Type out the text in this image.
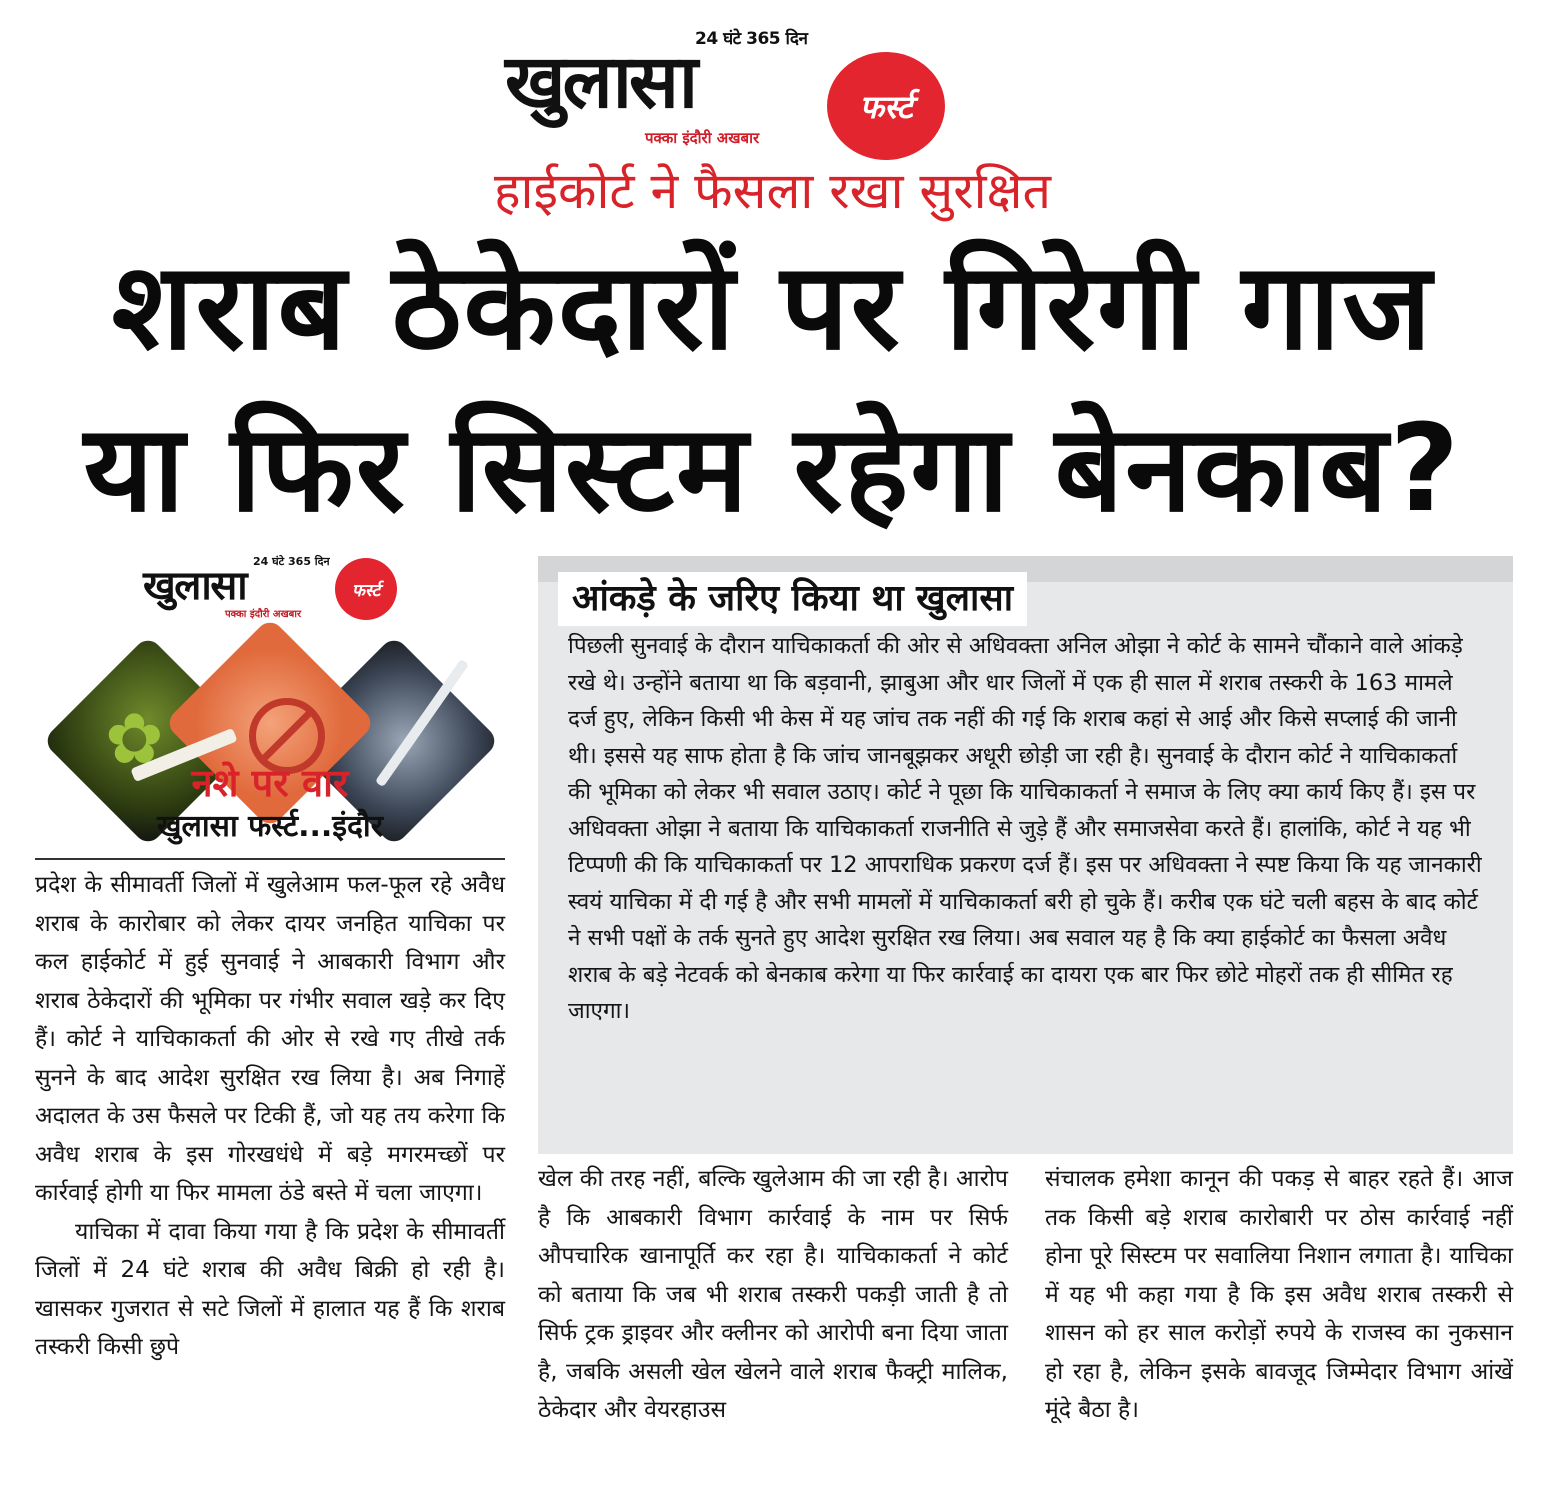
24 घंटे 365 दिन
खुलासा
पक्का इंदौरी अखबार
फर्स्ट
हाईकोर्ट ने फैसला रखा सुरक्षित
शराब ठेकेदारों पर गिरेगी गाज
या फिर सिस्टम रहेगा बेनकाब?
24 घंटे 365 दिन
खुलासा
पक्का इंदौरी अखबार
फर्स्ट
✿
नशे पर वार
खुलासा फर्स्ट...इंदौर

प्रदेश के सीमावर्ती जिलों में खुलेआम फल-फूल रहे अवैध शराब के कारोबार को लेकर दायर जनहित याचिका पर कल हाईकोर्ट में हुई सुनवाई ने आबकारी विभाग और शराब ठेकेदारों की भूमिका पर गंभीर सवाल खड़े कर दिए हैं। कोर्ट ने याचिकाकर्ता की ओर से रखे गए तीखे तर्क सुनने के बाद आदेश सुरक्षित रख लिया है। अब निगाहें अदालत के उस फैसले पर टिकी हैं, जो यह तय करेगा कि अवैध शराब के इस गोरखधंधे में बड़े मगरमच्छों पर कार्रवाई होगी या फिर मामला ठंडे बस्ते में चला जाएगा।

याचिका में दावा किया गया है कि प्रदेश के सीमावर्ती जिलों में 24 घंटे शराब की अवैध बिक्री हो रही है। खासकर गुजरात से सटे जिलों में हालात यह हैं कि शराब तस्करी किसी छुपे

आंकड़े के जरिए किया था खुलासा
पिछली सुनवाई के दौरान याचिकाकर्ता की ओर से अधिवक्ता अनिल ओझा ने कोर्ट के सामने चौंकाने वाले आंकड़े रखे थे। उन्होंने बताया था कि बड़वानी, झाबुआ और धार जिलों में एक ही साल में शराब तस्करी के 163 मामले दर्ज हुए, लेकिन किसी भी केस में यह जांच तक नहीं की गई कि शराब कहां से आई और किसे सप्लाई की जानी थी। इससे यह साफ होता है कि जांच जानबूझकर अधूरी छोड़ी जा रही है। सुनवाई के दौरान कोर्ट ने याचिकाकर्ता की भूमिका को लेकर भी सवाल उठाए। कोर्ट ने पूछा कि याचिकाकर्ता ने समाज के लिए क्या कार्य किए हैं। इस पर अधिवक्ता ओझा ने बताया कि याचिकाकर्ता राजनीति से जुड़े हैं और समाजसेवा करते हैं। हालांकि, कोर्ट ने यह भी टिप्पणी की कि याचिकाकर्ता पर 12 आपराधिक प्रकरण दर्ज हैं। इस पर अधिवक्ता ने स्पष्ट किया कि यह जानकारी स्वयं याचिका में दी गई है और सभी मामलों में याचिकाकर्ता बरी हो चुके हैं। करीब एक घंटे चली बहस के बाद कोर्ट ने सभी पक्षों के तर्क सुनते हुए आदेश सुरक्षित रख लिया। अब सवाल यह है कि क्या हाईकोर्ट का फैसला अवैध शराब के बड़े नेटवर्क को बेनकाब करेगा या फिर कार्रवाई का दायरा एक बार फिर छोटे मोहरों तक ही सीमित रह जाएगा।
खेल की तरह नहीं, बल्कि खुलेआम की जा रही है। आरोप है कि आबकारी विभाग कार्रवाई के नाम पर सिर्फ औपचारिक खानापूर्ति कर रहा है। याचिकाकर्ता ने कोर्ट को बताया कि जब भी शराब तस्करी पकड़ी जाती है तो सिर्फ ट्रक ड्राइवर और क्लीनर को आरोपी बना दिया जाता है, जबकि असली खेल खेलने वाले शराब फैक्ट्री मालिक, ठेकेदार और वेयरहाउस
संचालक हमेशा कानून की पकड़ से बाहर रहते हैं। आज तक किसी बड़े शराब कारोबारी पर ठोस कार्रवाई नहीं होना पूरे सिस्टम पर सवालिया निशान लगाता है। याचिका में यह भी कहा गया है कि इस अवैध शराब तस्करी से शासन को हर साल करोड़ों रुपये के राजस्व का नुकसान हो रहा है, लेकिन इसके बावजूद जिम्मेदार विभाग आंखें मूंदे बैठा है।
